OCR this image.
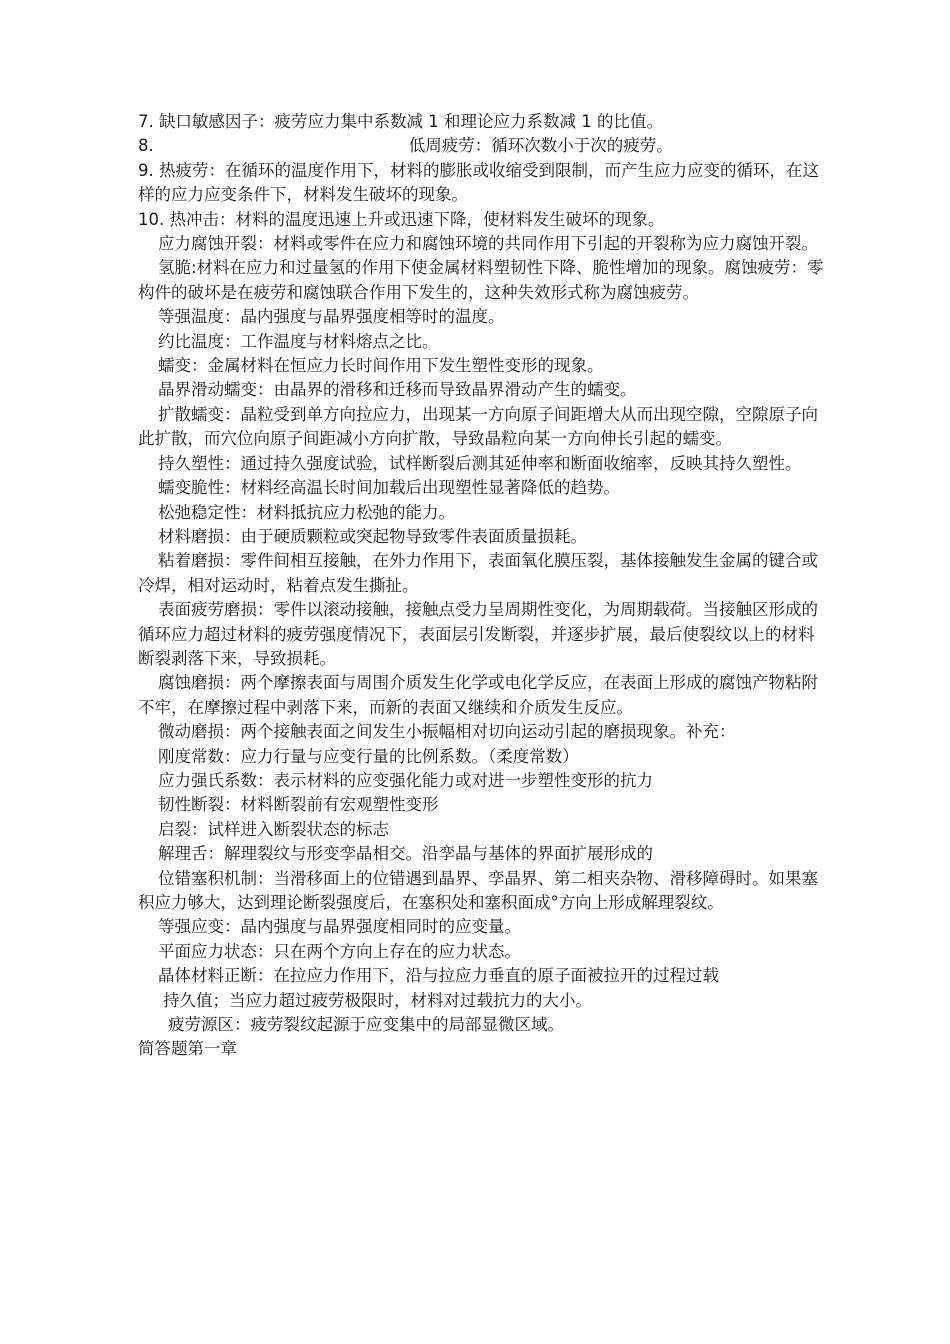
7. 缺口敏感因子：疲劳应力集中系数减 1 和理论应力系数减 1 的比值。

8.	低周疲劳：循环次数小于次的疲劳。

9. 热疲劳：在循环的温度作用下，材料的膨胀或收缩受到限制，而产生应力应变的循环，在这样的应力应变条件下，材料发生破坏的现象。

10. 热冲击：材料的温度迅速上升或迅速下降，使材料发生破坏的现象。

应力腐蚀开裂：材料或零件在应力和腐蚀环境的共同作用下引起的开裂称为应力腐蚀开裂。

氢脆:材料在应力和过量氢的作用下使金属材料塑韧性下降、脆性增加的现象。腐蚀疲劳：零构件的破坏是在疲劳和腐蚀联合作用下发生的，这种失效形式称为腐蚀疲劳。

等强温度：晶内强度与晶界强度相等时的温度。

约比温度：工作温度与材料熔点之比。

蠕变：金属材料在恒应力长时间作用下发生塑性变形的现象。

晶界滑动蠕变：由晶界的滑移和迁移而导致晶界滑动产生的蠕变。

扩散蠕变：晶粒受到单方向拉应力，出现某一方向原子间距增大从而出现空隙，空隙原子向此扩散，而穴位向原子间距减小方向扩散，导致晶粒向某一方向伸长引起的蠕变。

持久塑性：通过持久强度试验，试样断裂后测其延伸率和断面收缩率，反映其持久塑性。

蠕变脆性：材料经高温长时间加载后出现塑性显著降低的趋势。

松弛稳定性：材料抵抗应力松弛的能力。

材料磨损：由于硬质颗粒或突起物导致零件表面质量损耗。

粘着磨损：零件间相互接触，在外力作用下，表面氧化膜压裂，基体接触发生金属的键合或冷焊，相对运动时，粘着点发生撕扯。

表面疲劳磨损：零件以滚动接触，接触点受力呈周期性变化，为周期载荷。当接触区形成的循环应力超过材料的疲劳强度情况下，表面层引发断裂，并逐步扩展，最后使裂纹以上的材料断裂剥落下来，导致损耗。

腐蚀磨损：两个摩擦表面与周围介质发生化学或电化学反应，在表面上形成的腐蚀产物粘附不牢，在摩擦过程中剥落下来，而新的表面又继续和介质发生反应。

微动磨损：两个接触表面之间发生小振幅相对切向运动引起的磨损现象。补充：

刚度常数：应力行量与应变行量的比例系数。（柔度常数）

应力强氏系数：表示材料的应变强化能力或对进一步塑性变形的抗力

韧性断裂：材料断裂前有宏观塑性变形

启裂：试样进入断裂状态的标志

解理舌：解理裂纹与形变孪晶相交。沿孪晶与基体的界面扩展形成的

位错塞积机制：当滑移面上的位错遇到晶界、孪晶界、第二相夹杂物、滑移障碍时。如果塞积应力够大，达到理论断裂强度后，在塞积处和塞积面成°方向上形成解理裂纹。

等强应变：晶内强度与晶界强度相同时的应变量。

平面应力状态：只在两个方向上存在的应力状态。

晶体材料正断：在拉应力作用下，沿与拉应力垂直的原子面被拉开的过程过载

持久值；当应力超过疲劳极限时，材料对过载抗力的大小。

疲劳源区：疲劳裂纹起源于应变集中的局部显微区域。

简答题第一章
